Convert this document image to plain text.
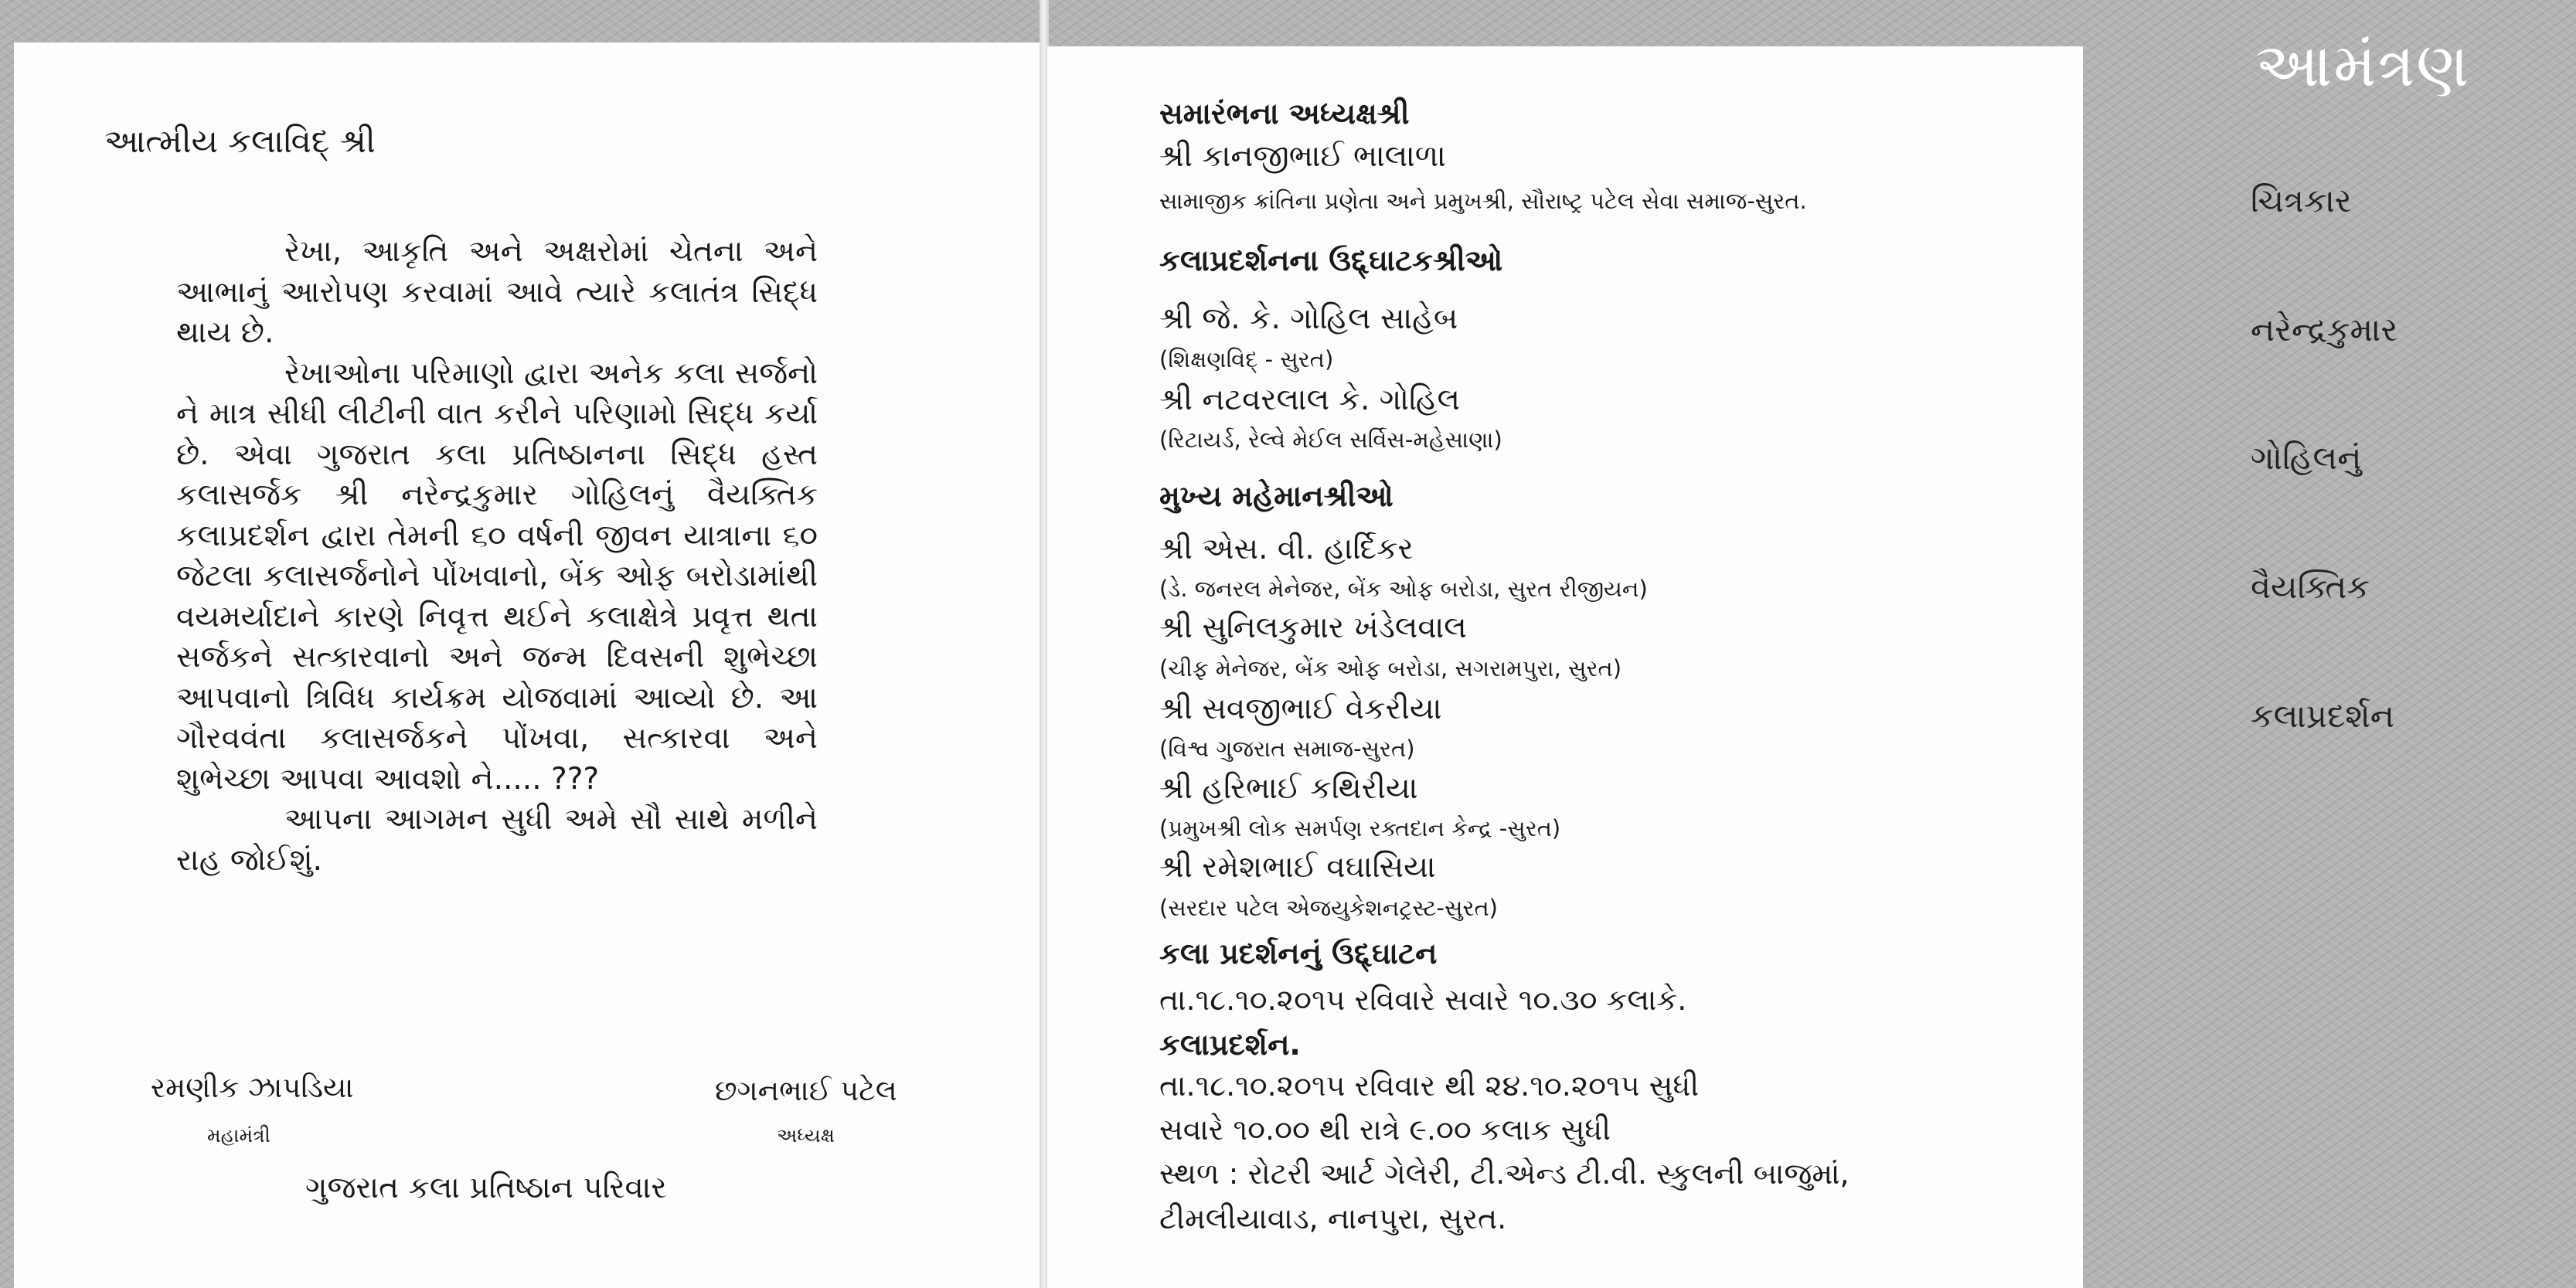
આત્મીય કલાવિદ્ શ્રી

રેખા, આકૃતિ અને અક્ષરોમાં ચેતના અને આભાનું આરોપણ કરવામાં આવે ત્યારે કલાતંત્ર સિદ્ધ થાય છે.

રેખાઓના પરિમાણો દ્વારા અનેક કલા સર્જનો ને માત્ર સીધી લીટીની વાત કરીને પરિણામો સિદ્ધ કર્યા છે. એવા ગુજરાત કલા પ્રતિષ્ઠાનના સિદ્ધ હસ્ત કલાસર્જક શ્રી નરેન્દ્રકુમાર ગોહિલનું વૈયક્તિક કલાપ્રદર્શન દ્વારા તેમની ૬૦ વર્ષની જીવન યાત્રાના ૬૦ જેટલા કલાસર્જનોને પોંખવાનો, બેંક ઓફ બરોડામાંથી વયમર્યાદાને કારણે નિવૃત્ત થઈને કલાક્ષેત્રે પ્રવૃત્ત થતા સર્જકને સત્કારવાનો અને જન્મ દિવસની શુભેચ્છા આપવાનો ત્રિવિધ કાર્યક્રમ યોજવામાં આવ્યો છે. આ ગૌરવવંતા કલાસર્જકને પોંખવા, સત્કારવા અને શુભેચ્છા આપવા આવશો ને..... ???

આપના આગમન સુધી અમે સૌ સાથે મળીને રાહ જોઈશું.

રમણીક ઝાપડિયા

મહામંત્રી

છગનભાઈ પટેલ

અધ્યક્ષ

ગુજરાત કલા પ્રતિષ્ઠાન પરિવાર

સમારંભના અધ્યક્ષશ્રી

શ્રી કાનજીભાઈ ભાલાળા

સામાજીક ક્રાંતિના પ્રણેતા અને પ્રમુખશ્રી, સૌરાષ્ટ્ર પટેલ સેવા સમાજ-સુરત.

કલાપ્રદર્શનના ઉદ્દ્ઘાટકશ્રીઓ

શ્રી જે. કે. ગોહિલ સાહેબ

(શિક્ષણવિદ્ - સુરત)

શ્રી નટવરલાલ કે. ગોહિલ

(રિટાયર્ડ, રેલ્વે મેઈલ સર્વિસ-મહેસાણા)

મુખ્ય મહેમાનશ્રીઓ

શ્રી એસ. વી. હાર્દિકર

(ડે. જનરલ મેનેજર, બેંક ઓફ બરોડા, સુરત રીજીયન)

શ્રી સુનિલકુમાર ખંડેલવાલ

(ચીફ મેનેજર, બેંક ઓફ બરોડા, સગરામપુરા, સુરત)

શ્રી સવજીભાઈ વેકરીયા

(વિશ્વ ગુજરાત સમાજ-સુરત)

શ્રી હરિભાઈ કથિરીયા

(પ્રમુખશ્રી લોક સમર્પણ રક્તદાન કેન્દ્ર -સુરત)

શ્રી રમેશભાઈ વઘાસિયા

(સરદાર પટેલ એજયુકેશનટ્રસ્ટ-સુરત)

કલા પ્રદર્શનનું ઉદ્દ્ઘાટન

તા.૧૮.૧૦.૨૦૧૫ રવિવારે સવારે ૧૦.૩૦ કલાકે.

કલાપ્રદર્શન.

તા.૧૮.૧૦.૨૦૧૫ રવિવાર થી ૨૪.૧૦.૨૦૧૫ સુધી

સવારે ૧૦.૦૦ થી રાત્રે ૯.૦૦ કલાક સુધી

સ્થળ : રોટરી આર્ટ ગેલેરી, ટી.એન્ડ ટી.વી. સ્કુલની બાજુમાં,

ટીમલીયાવાડ, નાનપુરા, સુરત.

આમંત્રણ

ચિત્રકાર

નરેન્દ્રકુમાર

ગોહિલનું

વૈયક્તિક

કલાપ્રદર્શન
